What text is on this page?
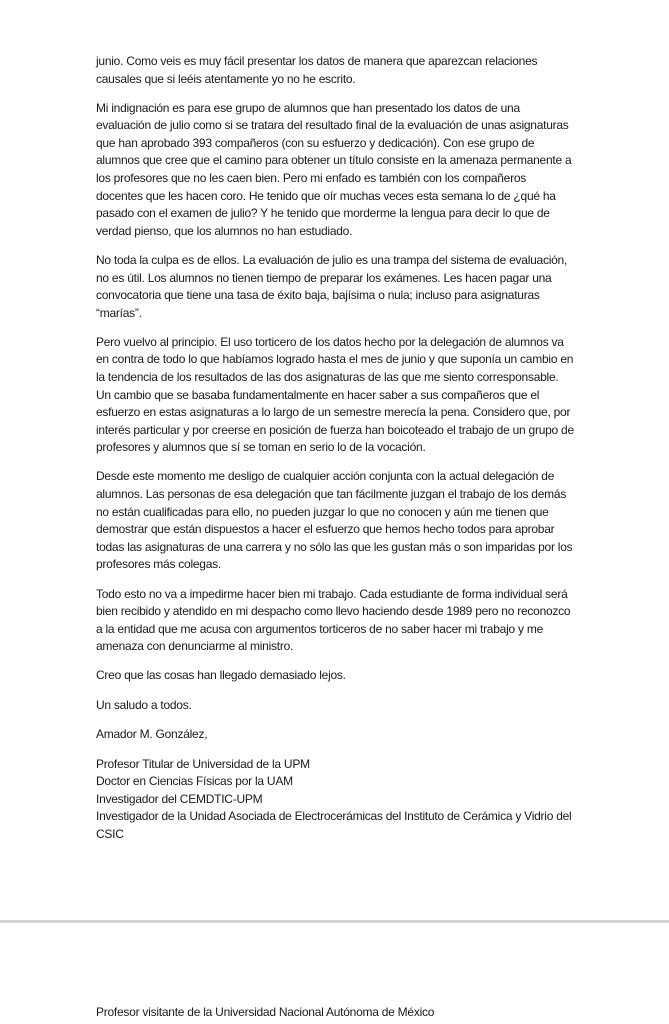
junio. Como veis es muy fácil presentar los datos de manera que aparezcan relaciones causales que si leéis atentamente yo no he escrito.

Mi indignación es para ese grupo de alumnos que han presentado los datos de una evaluación de julio como si se tratara del resultado final de la evaluación de unas asignaturas que han aprobado 393 compañeros (con su esfuerzo y dedicación). Con ese grupo de alumnos que cree que el camino para obtener un título consiste en la amenaza permanente a los profesores que no les caen bien. Pero mi enfado es también con los compañeros docentes que les hacen coro. He tenido que oír muchas veces esta semana lo de ¿qué ha pasado con el examen de julio? Y he tenido que morderme la lengua para decir lo que de verdad pienso, que los alumnos no han estudiado.

No toda la culpa es de ellos. La evaluación de julio es una trampa del sistema de evaluación, no es útil. Los alumnos no tienen tiempo de preparar los exámenes. Les hacen pagar una convocatoria que tiene una tasa de éxito baja, bajísima o nula; incluso para asignaturas “marías”.

Pero vuelvo al principio. El uso torticero de los datos hecho por la delegación de alumnos va en contra de todo lo que habíamos logrado hasta el mes de junio y que suponía un cambio en la tendencia de los resultados de las dos asignaturas de las que me siento corresponsable. Un cambio que se basaba fundamentalmente en hacer saber a sus compañeros que el esfuerzo en estas asignaturas a lo largo de un semestre merecía la pena. Considero que, por interés particular y por creerse en posición de fuerza han boicoteado el trabajo de un grupo de profesores y alumnos que sí se toman en serio lo de la vocación.

Desde este momento me desligo de cualquier acción conjunta con la actual delegación de alumnos. Las personas de esa delegación que tan fácilmente juzgan el trabajo de los demás no están cualificadas para ello, no pueden juzgar lo que no conocen y aún me tienen que demostrar que están dispuestos a hacer el esfuerzo que hemos hecho todos para aprobar todas las asignaturas de una carrera y no sólo las que les gustan más o son imparidas por los profesores más colegas.

Todo esto no va a impedirme hacer bien mi trabajo. Cada estudiante de forma individual será bien recibido y atendido en mi despacho como llevo haciendo desde 1989 pero no reconozco a la entidad que me acusa con argumentos torticeros de no saber hacer mi trabajo y me amenaza con denunciarme al ministro.

Creo que las cosas han llegado demasiado lejos.

Un saludo a todos.

Amador M. González,

Profesor Titular de Universidad de la UPM
Doctor en Ciencias Físicas por la UAM
Investigador del CEMDTIC-UPM
Investigador de la Unidad Asociada de Electrocerámicas del Instituto de Cerámica y Vidrio del CSIC
Profesor visitante de la Universidad Nacional Autónoma de México
